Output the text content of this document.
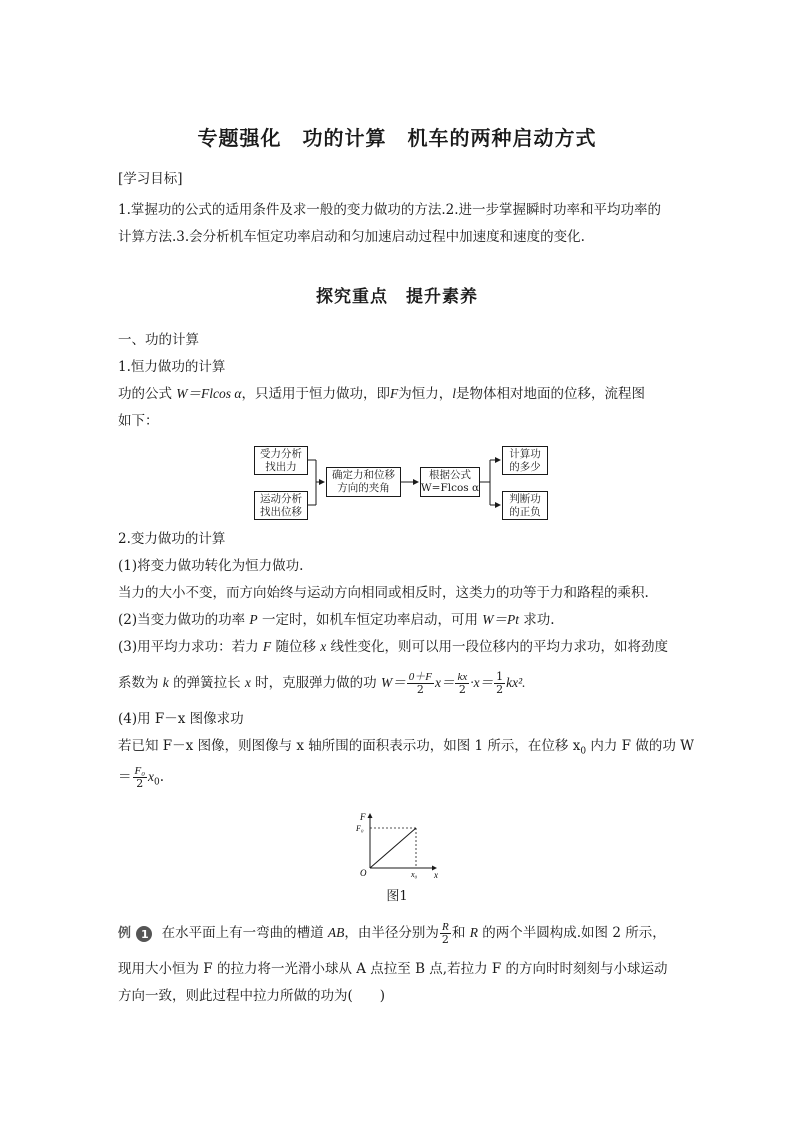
专题强化　功的计算　机车的两种启动方式
[学习目标]
1.掌握功的公式的适用条件及求一般的变力做功的方法.2.进一步掌握瞬时功率和平均功率的
计算方法.3.会分析机车恒定功率启动和匀加速启动过程中加速度和速度的变化.
探究重点　提升素养
一、功的计算
1.恒力做功的计算
功的公式 W＝Flcos α，只适用于恒力做功，即F为恒力，l是物体相对地面的位移，流程图
如下：
受力分析
找出力
运动分析
找出位移
确定力和位移
方向的夹角
根据公式
W=Flcos α
计算功
的多少
判断功
的正负
2.变力做功的计算
(1)将变力做功转化为恒力做功.
当力的大小不变，而方向始终与运动方向相同或相反时，这类力的功等于力和路程的乘积.
(2)当变力做功的功率 P 一定时，如机车恒定功率启动，可用 W＝Pt 求功.
(3)用平均力求功：若力 F 随位移 x 线性变化，则可以用一段位移内的平均力求功，如将劲度
系数为 k 的弹簧拉长 x 时，克服弹力做的功 $W= \frac{0+F}{2} x= \frac{kx}{2} \cdot x= \frac{1}{2} kx^2$.
(4)用 F－x 图像求功
若已知 F－x 图像，则图像与 x 轴所围的面积表示功，如图 1 所示，在位移 $x_0$ 内力 F 做的功 W
＝ $\frac{\text{F₀}}{2} x_0$.
F
F₀
O	x₀ x
图1
例 1 在水平面上有一弯曲的槽道 AB，由半径分别为 $\frac{R}{2}$ 和 R 的两个半圆构成.如图 2 所示，
现用大小恒为 F 的拉力将一光滑小球从 A 点拉至 B 点,若拉力 F 的方向时时刻刻与小球运动
方向一致，则此过程中拉力所做的功为(　　)
